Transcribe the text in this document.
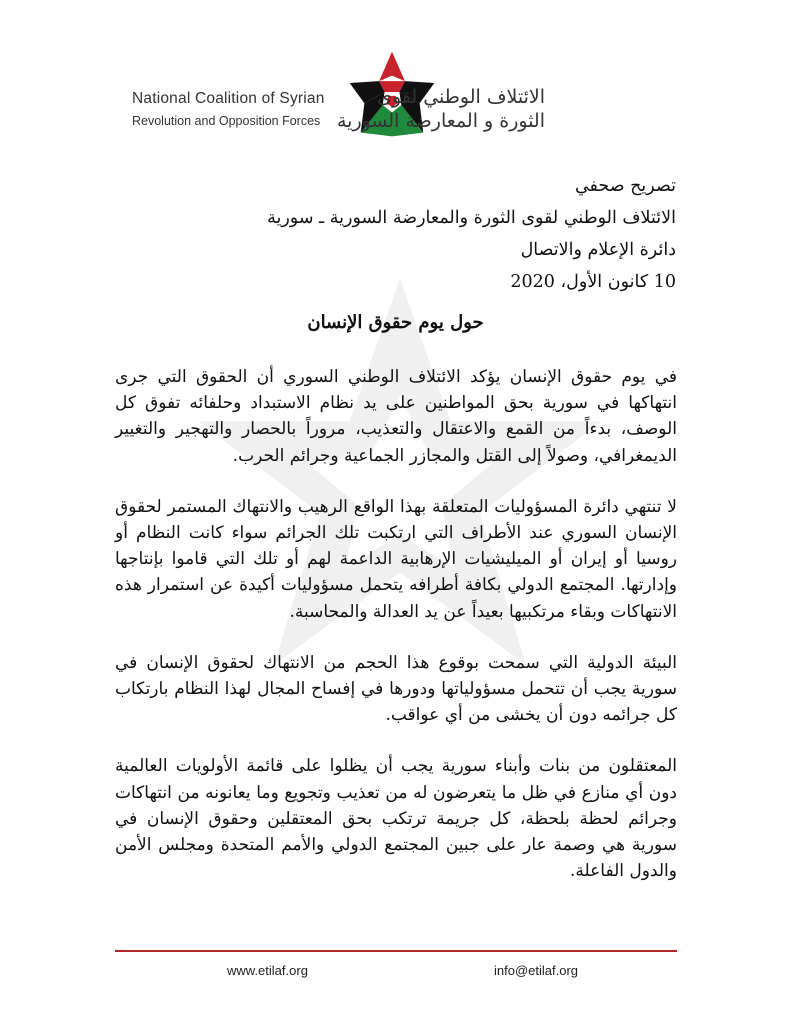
National Coalition of Syrian
Revolution and Opposition Forces
الائتلاف الوطني لقوى
الثورة و المعارضة السورية
تصريح صحفي
الائتلاف الوطني لقوى الثورة والمعارضة السورية ـ سورية
دائرة الإعلام والاتصال
10 كانون الأول، 2020
حول يوم حقوق الإنسان

في يوم حقوق الإنسان يؤكد الائتلاف الوطني السوري أن الحقوق التي جرى انتهاكها في سورية بحق المواطنين على يد نظام الاستبداد وحلفائه تفوق كل الوصف، بدءاً من القمع والاعتقال والتعذيب، مروراً بالحصار والتهجير والتغيير الديمغرافي، وصولاً إلى القتل والمجازر الجماعية وجرائم الحرب.

لا تنتهي دائرة المسؤوليات المتعلقة بهذا الواقع الرهيب والانتهاك المستمر لحقوق الإنسان السوري عند الأطراف التي ارتكبت تلك الجرائم سواء كانت النظام أو روسيا أو إيران أو الميليشيات الإرهابية الداعمة لهم أو تلك التي قاموا بإنتاجها وإدارتها. المجتمع الدولي بكافة أطرافه يتحمل مسؤوليات أكيدة عن استمرار هذه الانتهاكات وبقاء مرتكبيها بعيداً عن يد العدالة والمحاسبة.

البيئة الدولية التي سمحت بوقوع هذا الحجم من الانتهاك لحقوق الإنسان في سورية يجب أن تتحمل مسؤولياتها ودورها في إفساح المجال لهذا النظام بارتكاب كل جرائمه دون أن يخشى من أي عواقب.

المعتقلون من بنات وأبناء سورية يجب أن يظلوا على قائمة الأولويات العالمية دون أي منازع في ظل ما يتعرضون له من تعذيب وتجويع وما يعانونه من انتهاكات وجرائم لحظة بلحظة، كل جريمة ترتكب بحق المعتقلين وحقوق الإنسان في سورية هي وصمة عار على جبين المجتمع الدولي والأمم المتحدة ومجلس الأمن والدول الفاعلة.

www.etilaf.org	info@etilaf.org
